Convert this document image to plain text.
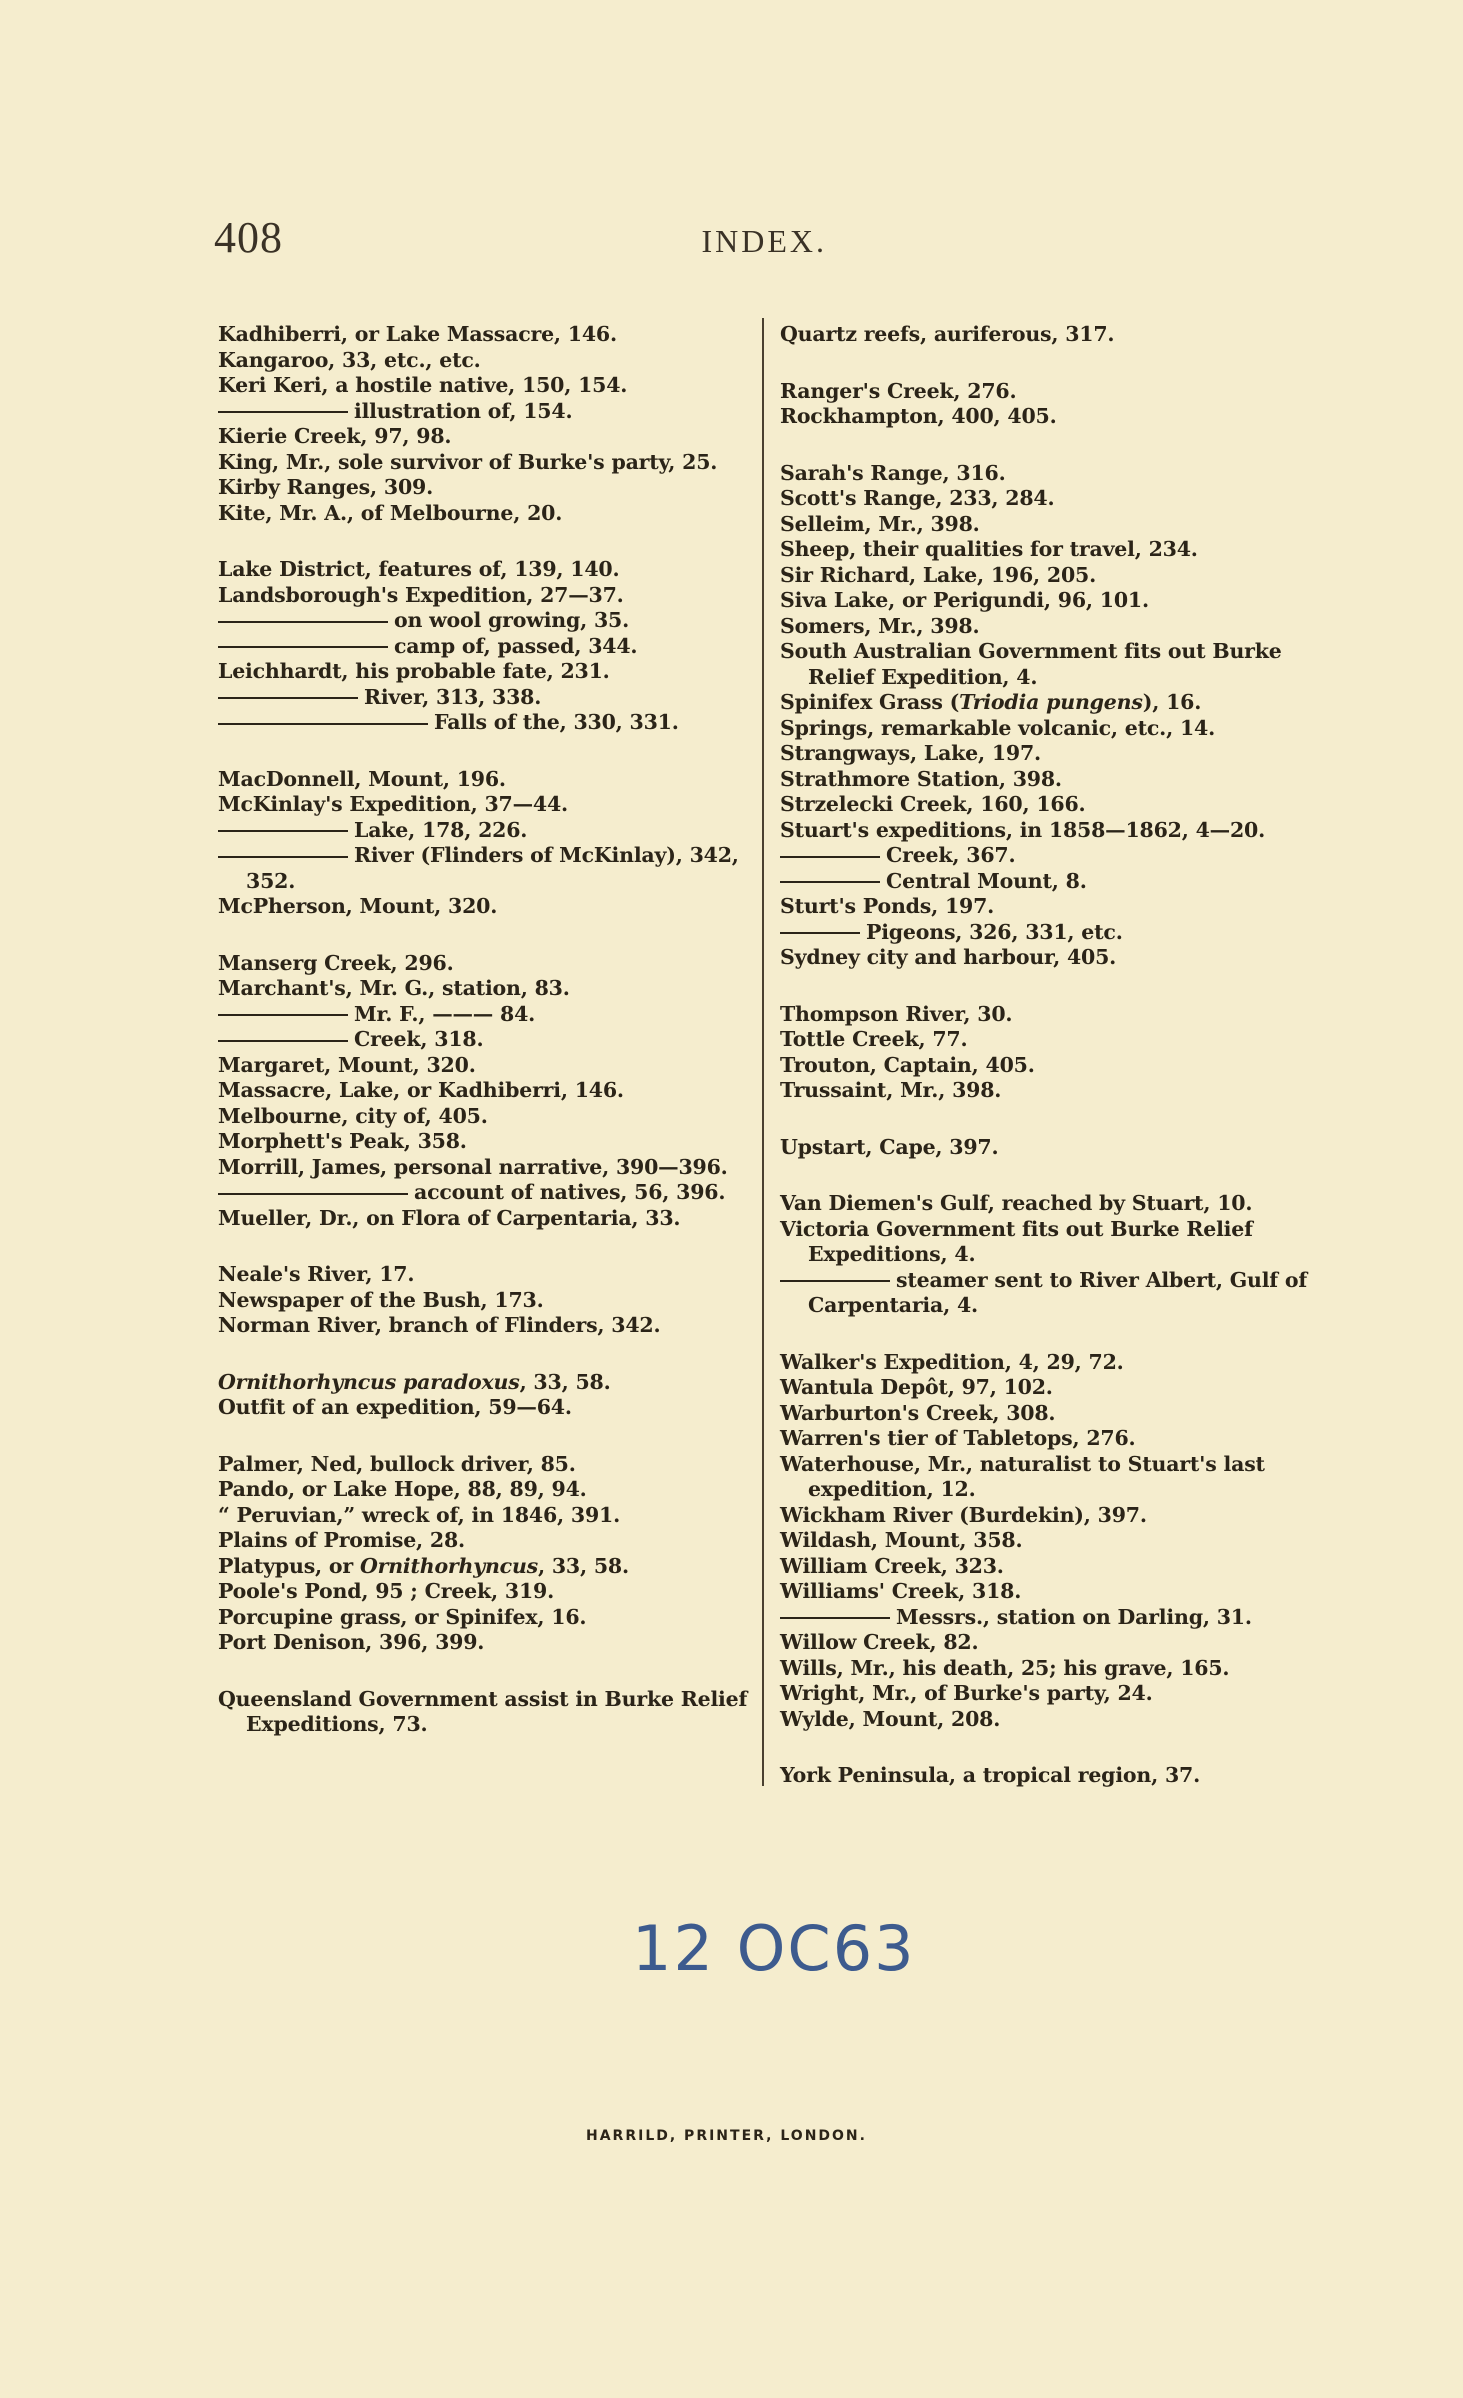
408	INDEX.
Kadhiberri, or Lake Massacre, 146.
Kangaroo, 33, etc., etc.
Keri Keri, a hostile native, 150, 154.
illustration of, 154.
Kierie Creek, 97, 98.
King, Mr., sole survivor of Burke's party, 25.
Kirby Ranges, 309.
Kite, Mr. A., of Melbourne, 20.
Lake District, features of, 139, 140.
Landsborough's Expedition, 27—37.
on wool growing, 35.
camp of, passed, 344.
Leichhardt, his probable fate, 231.
River, 313, 338.
Falls of the, 330, 331.
MacDonnell, Mount, 196.
McKinlay's Expedition, 37—44.
Lake, 178, 226.
River (Flinders of McKinlay), 342, 352.
McPherson, Mount, 320.
Manserg Creek, 296.
Marchant's, Mr. G., station, 83.
Mr. F., ——— 84.
Creek, 318.
Margaret, Mount, 320.
Massacre, Lake, or Kadhiberri, 146.
Melbourne, city of, 405.
Morphett's Peak, 358.
Morrill, James, personal narrative, 390—396.
account of natives, 56, 396.
Mueller, Dr., on Flora of Carpentaria, 33.
Neale's River, 17.
Newspaper of the Bush, 173.
Norman River, branch of Flinders, 342.
Ornithorhyncus paradoxus, 33, 58.
Outfit of an expedition, 59—64.
Palmer, Ned, bullock driver, 85.
Pando, or Lake Hope, 88, 89, 94.
“ Peruvian,” wreck of, in 1846, 391.
Plains of Promise, 28.
Platypus, or Ornithorhyncus, 33, 58.
Poole's Pond, 95 ; Creek, 319.
Porcupine grass, or Spinifex, 16.
Port Denison, 396, 399.
Queensland Government assist in Burke Relief Expeditions, 73.
Quartz reefs, auriferous, 317.
Ranger's Creek, 276.
Rockhampton, 400, 405.
Sarah's Range, 316.
Scott's Range, 233, 284.
Selleim, Mr., 398.
Sheep, their qualities for travel, 234.
Sir Richard, Lake, 196, 205.
Siva Lake, or Perigundi, 96, 101.
Somers, Mr., 398.
South Australian Government fits out Burke Relief Expedition, 4.
Spinifex Grass (Triodia pungens), 16.
Springs, remarkable volcanic, etc., 14.
Strangways, Lake, 197.
Strathmore Station, 398.
Strzelecki Creek, 160, 166.
Stuart's expeditions, in 1858—1862, 4—20.
Creek, 367.
Central Mount, 8.
Sturt's Ponds, 197.
Pigeons, 326, 331, etc.
Sydney city and harbour, 405.
Thompson River, 30.
Tottle Creek, 77.
Trouton, Captain, 405.
Trussaint, Mr., 398.
Upstart, Cape, 397.
Van Diemen's Gulf, reached by Stuart, 10.
Victoria Government fits out Burke Relief Expeditions, 4.
steamer sent to River Albert, Gulf of Carpentaria, 4.
Walker's Expedition, 4, 29, 72.
Wantula Depôt, 97, 102.
Warburton's Creek, 308.
Warren's tier of Tabletops, 276.
Waterhouse, Mr., naturalist to Stuart's last expedition, 12.
Wickham River (Burdekin), 397.
Wildash, Mount, 358.
William Creek, 323.
Williams' Creek, 318.
Messrs., station on Darling, 31.
Willow Creek, 82.
Wills, Mr., his death, 25; his grave, 165.
Wright, Mr., of Burke's party, 24.
Wylde, Mount, 208.
York Peninsula, a tropical region, 37.
12 OC63
HARRILD, PRINTER, LONDON.
